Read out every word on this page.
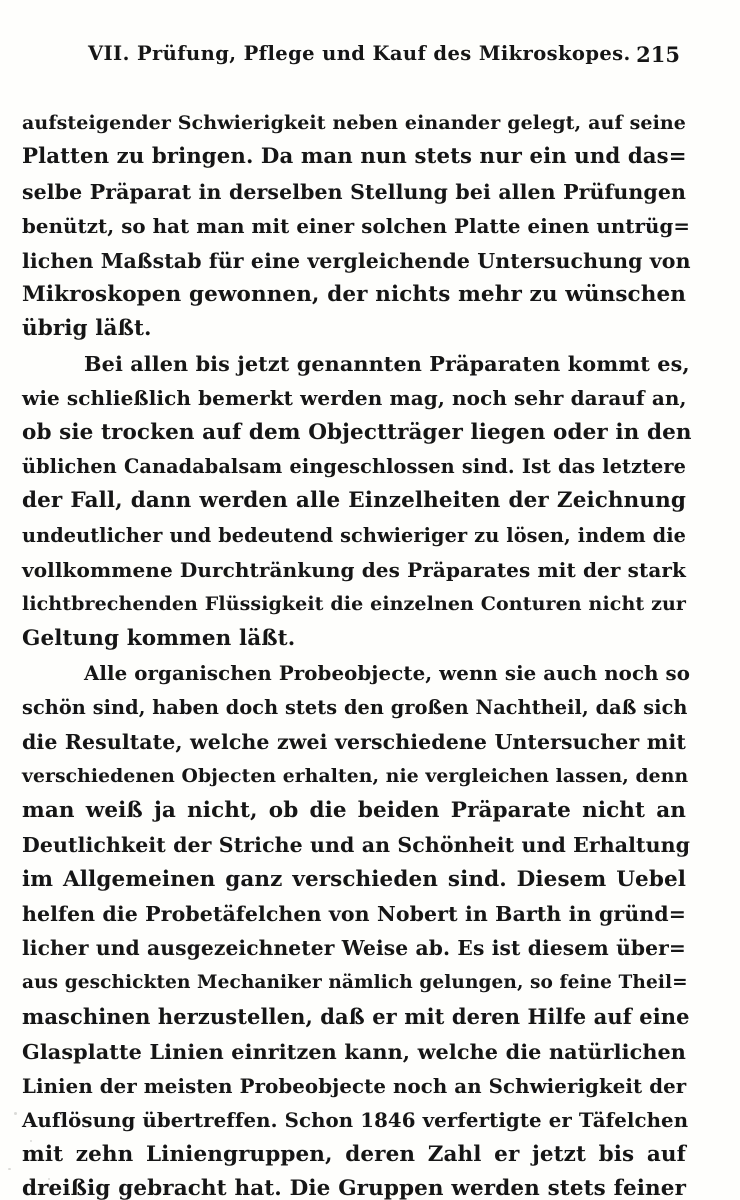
VII. Prüfung, Pflege und Kauf des Mikroskopes. 215
aufsteigender Schwierigkeit neben einander gelegt, auf seine
Platten zu bringen. Da man nun stets nur ein und das=
selbe Präparat in derselben Stellung bei allen Prüfungen
benützt, so hat man mit einer solchen Platte einen untrüg=
lichen Maßstab für eine vergleichende Untersuchung von
Mikroskopen gewonnen, der nichts mehr zu wünschen
übrig läßt.
Bei allen bis jetzt genannten Präparaten kommt es,
wie schließlich bemerkt werden mag, noch sehr darauf an,
ob sie trocken auf dem Objectträger liegen oder in den
üblichen Canadabalsam eingeschlossen sind. Ist das letztere
der Fall, dann werden alle Einzelheiten der Zeichnung
undeutlicher und bedeutend schwieriger zu lösen, indem die
vollkommene Durchtränkung des Präparates mit der stark
lichtbrechenden Flüssigkeit die einzelnen Conturen nicht zur
Geltung kommen läßt.
Alle organischen Probeobjecte, wenn sie auch noch so
schön sind, haben doch stets den großen Nachtheil, daß sich
die Resultate, welche zwei verschiedene Untersucher mit
verschiedenen Objecten erhalten, nie vergleichen lassen, denn
man weiß ja nicht, ob die beiden Präparate nicht an
Deutlichkeit der Striche und an Schönheit und Erhaltung
im Allgemeinen ganz verschieden sind. Diesem Uebel
helfen die Probetäfelchen von Nobert in Barth in gründ=
licher und ausgezeichneter Weise ab. Es ist diesem über=
aus geschickten Mechaniker nämlich gelungen, so feine Theil=
maschinen herzustellen, daß er mit deren Hilfe auf eine
Glasplatte Linien einritzen kann, welche die natürlichen
Linien der meisten Probeobjecte noch an Schwierigkeit der
Auflösung übertreffen. Schon 1846 verfertigte er Täfelchen
mit zehn Liniengruppen, deren Zahl er jetzt bis auf
dreißig gebracht hat. Die Gruppen werden stets feiner
